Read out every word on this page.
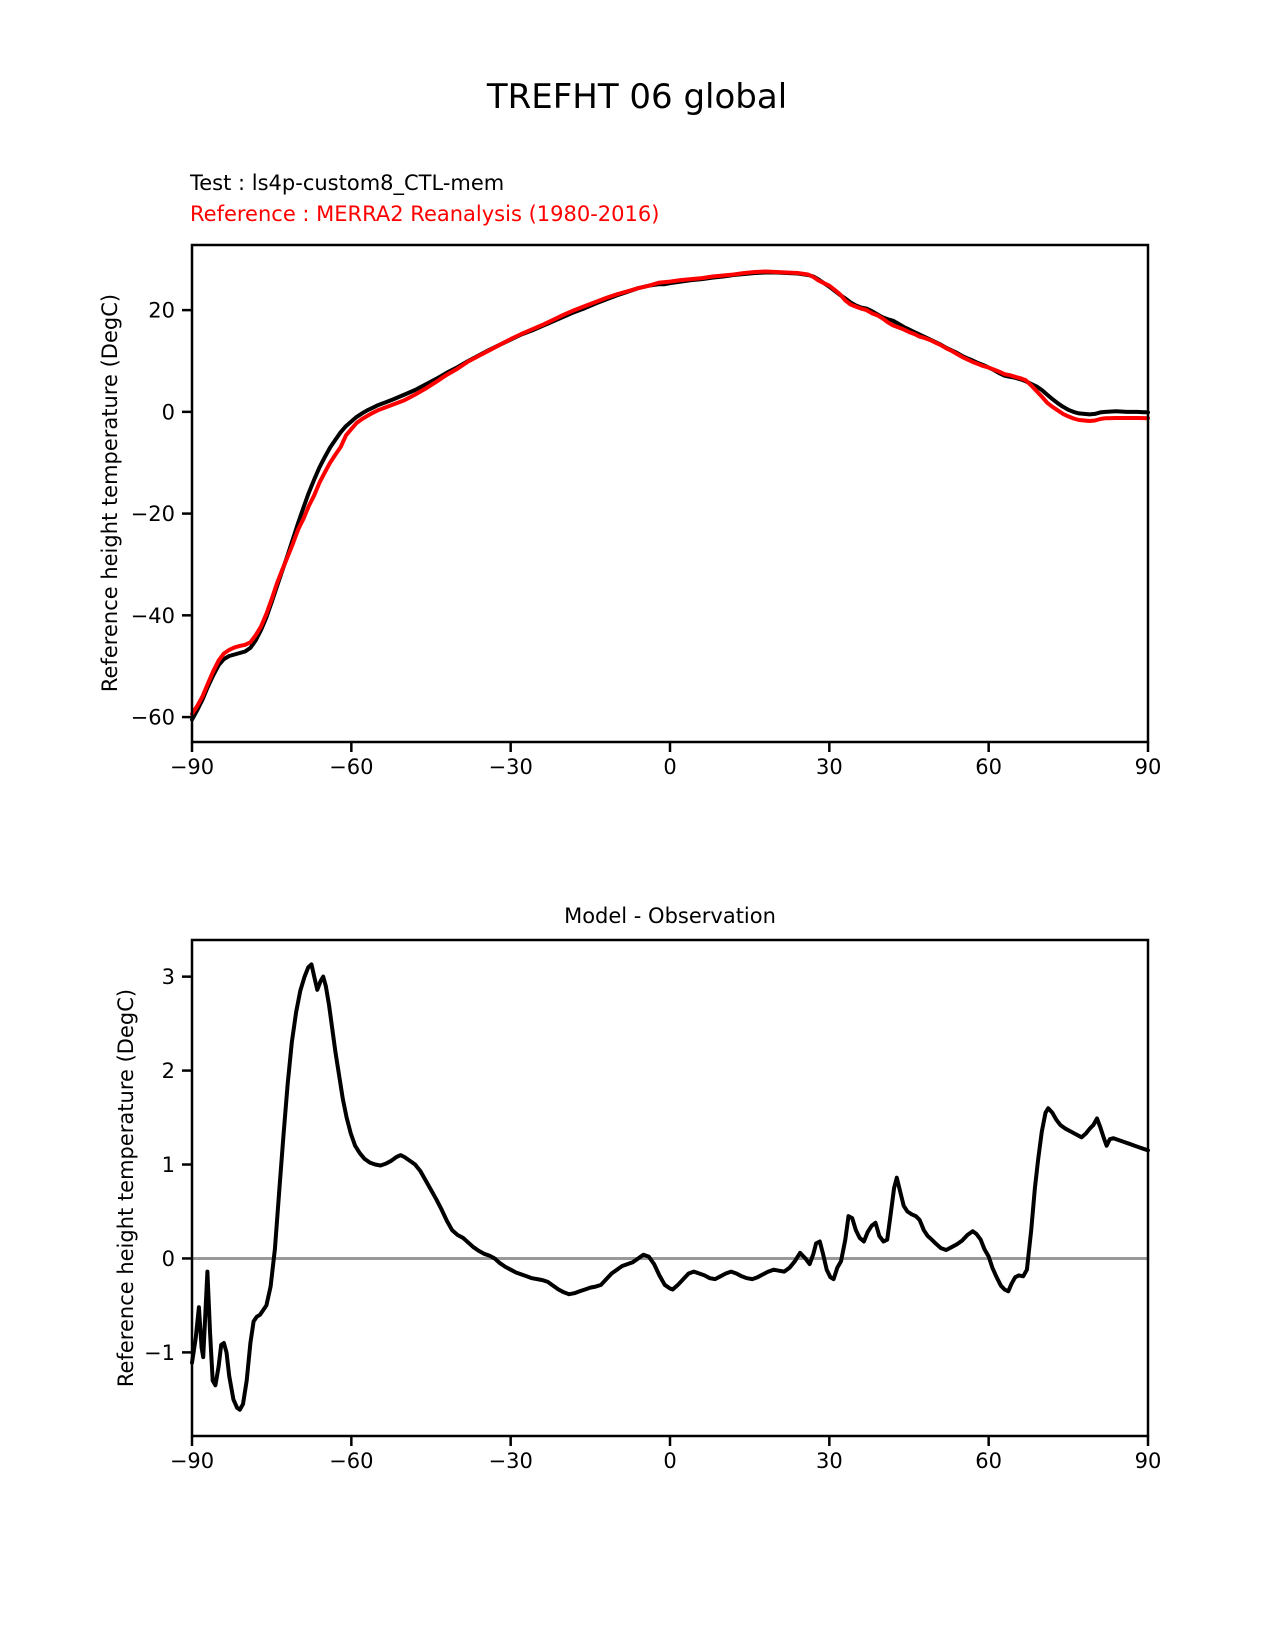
−90	−60	−30	0	30	60	90
−60
−40
−20
0
20
−90	−60	−30	0	30	60	90
−1
0
1
2
3
TREFHT 06 global
Test : ls4p-custom8_CTL-mem
Reference : MERRA2 Reanalysis (1980-2016)
Reference height temperature (DegC)
Model - Observation
Reference height temperature (DegC)
